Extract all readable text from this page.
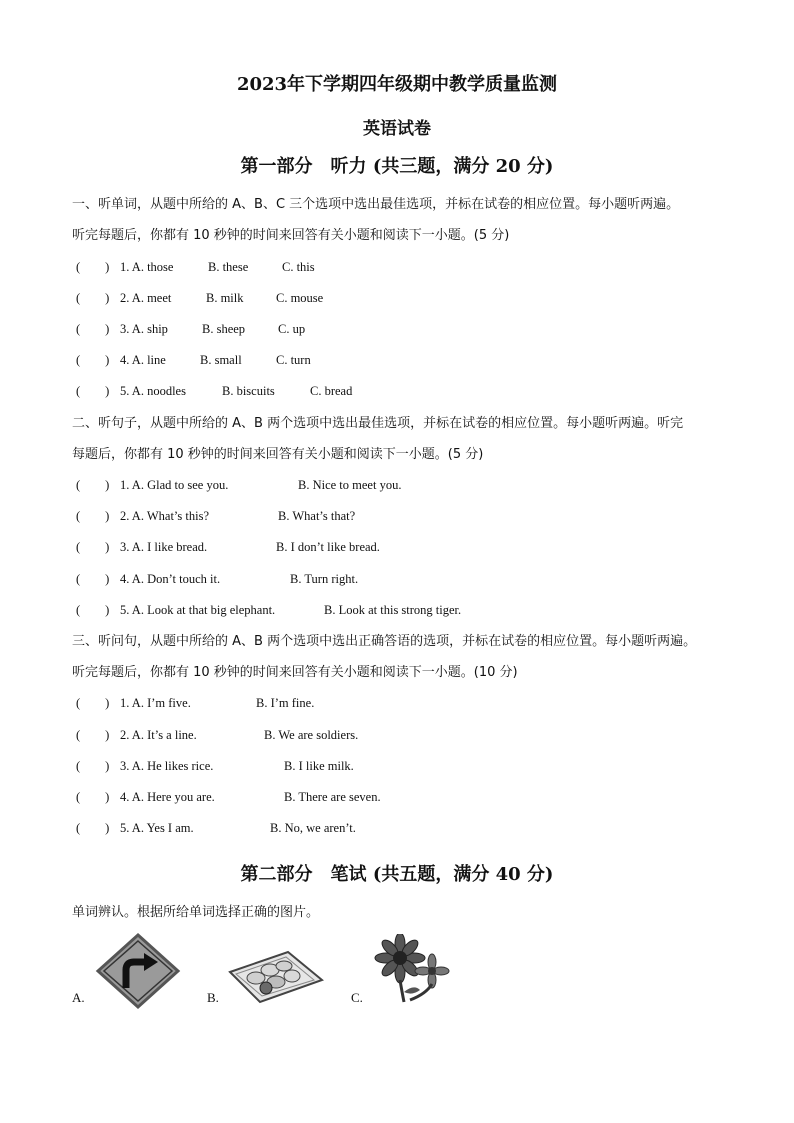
2023年下学期四年级期中教学质量监测
英语试卷
第一部分　听力 (共三题，满分 20 分)
一、听单词，从题中所给的 A、B、C 三个选项中选出最佳选项，并标在试卷的相应位置。每小题听两遍。
听完每题后，你都有 10 秒钟的时间来回答有关小题和阅读下一小题。(5 分)
(　　) 1. A. those	B. these	C. this
(　　) 2. A. meet	B. milk	C. mouse
(　　) 3. A. ship	B. sheep	C. up
(　　) 4. A. line	B. small	C. turn
(　　) 5. A. noodles	B. biscuits	C. bread
二、听句子，从题中所给的 A、B 两个选项中选出最佳选项，并标在试卷的相应位置。每小题听两遍。听完
每题后，你都有 10 秒钟的时间来回答有关小题和阅读下一小题。(5 分)
(　　) 1. A. Glad to see you.	B. Nice to meet you.
(　　) 2. A. What’s this?	B. What’s that?
(　　) 3. A. I like bread.	B. I don’t like bread.
(　　) 4. A. Don’t touch it.	B. Turn right.
(　　) 5. A. Look at that big elephant.	B. Look at this strong tiger.
三、听问句，从题中所给的 A、B 两个选项中选出正确答语的选项，并标在试卷的相应位置。每小题听两遍。
听完每题后，你都有 10 秒钟的时间来回答有关小题和阅读下一小题。(10 分)
(　　) 1. A. I’m five.	B. I’m fine.
(　　) 2. A. It’s a line.	B. We are soldiers.
(　　) 3. A. He likes rice.	B. I like milk.
(　　) 4. A. Here you are.	B. There are seven.
(　　) 5. A. Yes I am.	B. No, we aren’t.
第二部分　笔试 (共五题，满分 40 分)
单词辨认。根据所给单词选择正确的图片。
A.	B.	C.
